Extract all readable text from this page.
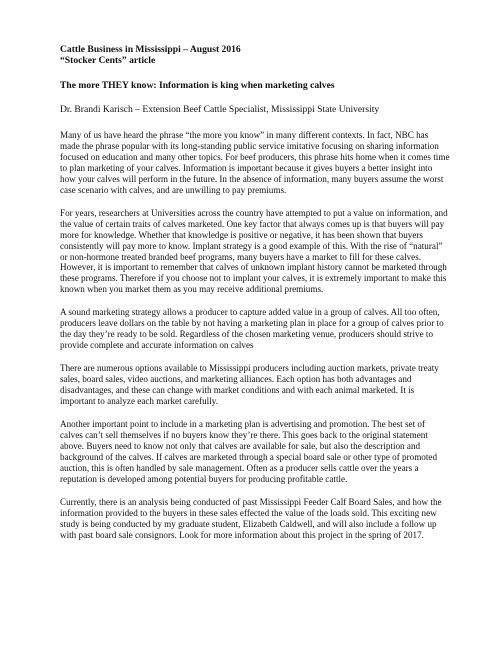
Cattle Business in Mississippi – August 2016

“Stocker Cents” article

The more THEY know: Information is king when marketing calves

Dr. Brandi Karisch – Extension Beef Cattle Specialist, Mississippi State University

Many of us have heard the phrase “the more you know” in many different contexts. In fact, NBC has made the phrase popular with its long-standing public service imitative focusing on sharing information focused on education and many other topics. For beef producers, this phrase hits home when it comes time to plan marketing of your calves. Information is important because it gives buyers a better insight into how your calves will perform in the future. In the absence of information, many buyers assume the worst case scenario with calves, and are unwilling to pay premiums.

For years, researchers at Universities across the country have attempted to put a value on information, and the value of certain traits of calves marketed. One key factor that always comes up is that buyers will pay more for knowledge. Whether that knowledge is positive or negative, it has been shown that buyers consistently will pay more to know. Implant strategy is a good example of this. With the rise of “natural” or non-hormone treated branded beef programs, many buyers have a market to fill for these calves. However, it is important to remember that calves of unknown implant history cannot be marketed through these programs. Therefore if you choose not to implant your calves, it is extremely important to make this known when you market them as you may receive additional premiums.

A sound marketing strategy allows a producer to capture added value in a group of calves. All too often, producers leave dollars on the table by not having a marketing plan in place for a group of calves prior to the day they’re ready to be sold. Regardless of the chosen marketing venue, producers should strive to provide complete and accurate information on calves

There are numerous options available to Mississippi producers including auction markets, private treaty sales, board sales, video auctions, and marketing alliances. Each option has both advantages and disadvantages, and these can change with market conditions and with each animal marketed. It is important to analyze each market carefully.

Another important point to include in a marketing plan is advertising and promotion. The best set of calves can’t sell themselves if no buyers know they’re there. This goes back to the original statement above. Buyers need to know not only that calves are available for sale, but also the description and background of the calves. If calves are marketed through a special board sale or other type of promoted auction, this is often handled by sale management. Often as a producer sells cattle over the years a reputation is developed among potential buyers for producing profitable cattle.

Currently, there is an analysis being conducted of past Mississippi Feeder Calf Board Sales, and how the information provided to the buyers in these sales effected the value of the loads sold. This exciting new study is being conducted by my graduate student, Elizabeth Caldwell, and will also include a follow up with past board sale consignors. Look for more information about this project in the spring of 2017.
